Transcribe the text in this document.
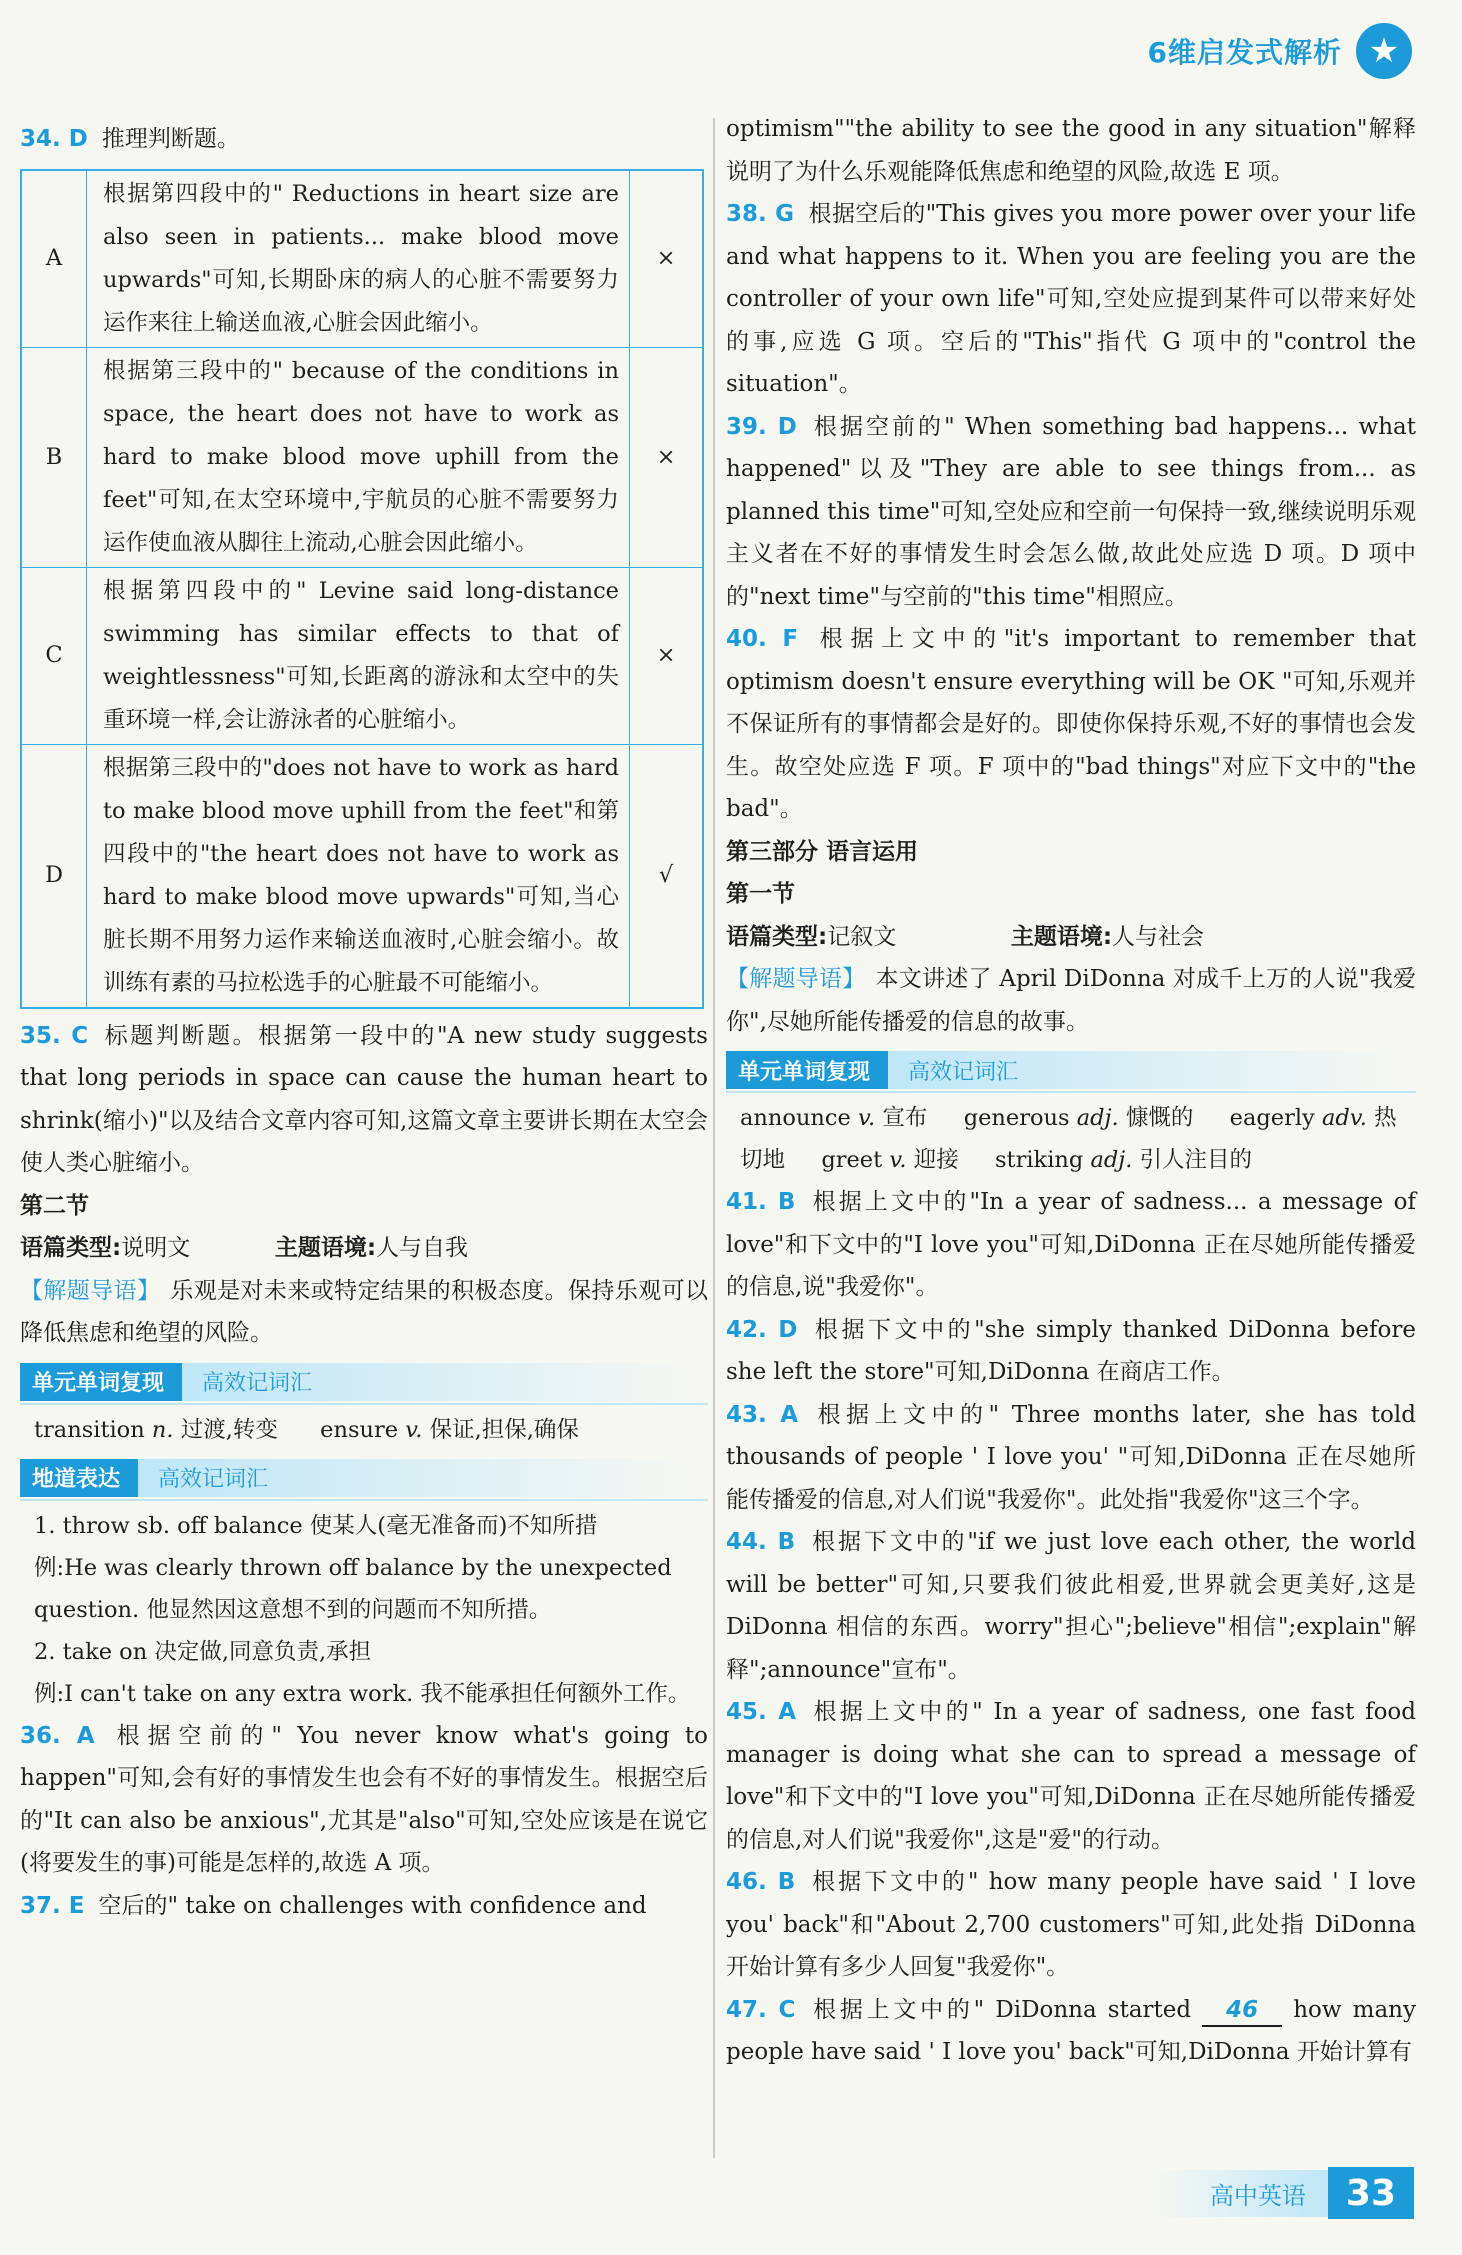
6维启发式解析 ★

34. D 推理判断题。

A	根据第四段中的" Reductions in heart size are also seen in patients... make blood move upwards"可知,长期卧床的病人的心脏不需要努力运作来往上输送血液,心脏会因此缩小。	×
B	根据第三段中的" because of the conditions in space, the heart does not have to work as hard to make blood move uphill from the feet"可知,在太空环境中,宇航员的心脏不需要努力运作使血液从脚往上流动,心脏会因此缩小。	×
C	根据第四段中的" Levine said long-distance swimming has similar effects to that of weightlessness"可知,长距离的游泳和太空中的失重环境一样,会让游泳者的心脏缩小。	×
D	根据第三段中的"does not have to work as hard to make blood move uphill from the feet"和第四段中的"the heart does not have to work as hard to make blood move upwards"可知,当心脏长期不用努力运作来输送血液时,心脏会缩小。故训练有素的马拉松选手的心脏最不可能缩小。	√

35. C 标题判断题。根据第一段中的"A new study suggests that long periods in space can cause the human heart to shrink(缩小)"以及结合文章内容可知,这篇文章主要讲长期在太空会使人类心脏缩小。

第二节

语篇类型:说明文	主题语境:人与自我

【解题导语】 乐观是对未来或特定结果的积极态度。保持乐观可以降低焦虑和绝望的风险。

单元单词复现	高效记词汇

transition n. 过渡,转变 ensure v. 保证,担保,确保

地道表达	高效记词汇

1. throw sb. off balance 使某人(毫无准备而)不知所措

例:He was clearly thrown off balance by the unexpected question. 他显然因这意想不到的问题而不知所措。

2. take on 决定做,同意负责,承担

例:I can't take on any extra work. 我不能承担任何额外工作。

36. A 根据空前的" You never know what's going to happen"可知,会有好的事情发生也会有不好的事情发生。根据空后的"It can also be anxious",尤其是"also"可知,空处应该是在说它(将要发生的事)可能是怎样的,故选 A 项。

37. E 空后的" take on challenges with confidence and

optimism""the ability to see the good in any situation"解释说明了为什么乐观能降低焦虑和绝望的风险,故选 E 项。

38. G 根据空后的"This gives you more power over your life and what happens to it. When you are feeling you are the controller of your own life"可知,空处应提到某件可以带来好处的事,应选 G 项。空后的"This"指代 G 项中的"control the situation"。

39. D 根据空前的" When something bad happens... what happened"以及"They are able to see things from... as planned this time"可知,空处应和空前一句保持一致,继续说明乐观主义者在不好的事情发生时会怎么做,故此处应选 D 项。D 项中的"next time"与空前的"this time"相照应。

40. F 根据上文中的"it's important to remember that optimism doesn't ensure everything will be OK "可知,乐观并不保证所有的事情都会是好的。即使你保持乐观,不好的事情也会发生。故空处应选 F 项。F 项中的"bad things"对应下文中的"the bad"。

第三部分 语言运用

第一节

语篇类型:记叙文	主题语境:人与社会

【解题导语】 本文讲述了 April DiDonna 对成千上万的人说"我爱你",尽她所能传播爱的信息的故事。

单元单词复现	高效记词汇

announce v. 宣布 generous adj. 慷慨的 eagerly adv. 热切地 greet v. 迎接 striking adj. 引人注目的

41. B 根据上文中的"In a year of sadness... a message of love"和下文中的"I love you"可知,DiDonna 正在尽她所能传播爱的信息,说"我爱你"。

42. D 根据下文中的"she simply thanked DiDonna before she left the store"可知,DiDonna 在商店工作。

43. A 根据上文中的" Three months later, she has told thousands of people ' I love you' "可知,DiDonna 正在尽她所能传播爱的信息,对人们说"我爱你"。此处指"我爱你"这三个字。

44. B 根据下文中的"if we just love each other, the world will be better"可知,只要我们彼此相爱,世界就会更美好,这是 DiDonna 相信的东西。worry"担心";believe"相信";explain"解释";announce"宣布"。

45. A 根据上文中的" In a year of sadness, one fast food manager is doing what she can to spread a message of love"和下文中的"I love you"可知,DiDonna 正在尽她所能传播爱的信息,对人们说"我爱你",这是"爱"的行动。

46. B 根据下文中的" how many people have said ' I love you' back"和"About 2,700 customers"可知,此处指 DiDonna 开始计算有多少人回复"我爱你"。

47. C 根据上文中的" DiDonna started 46 how many people have said ' I love you' back"可知,DiDonna 开始计算有

高中英语	33
